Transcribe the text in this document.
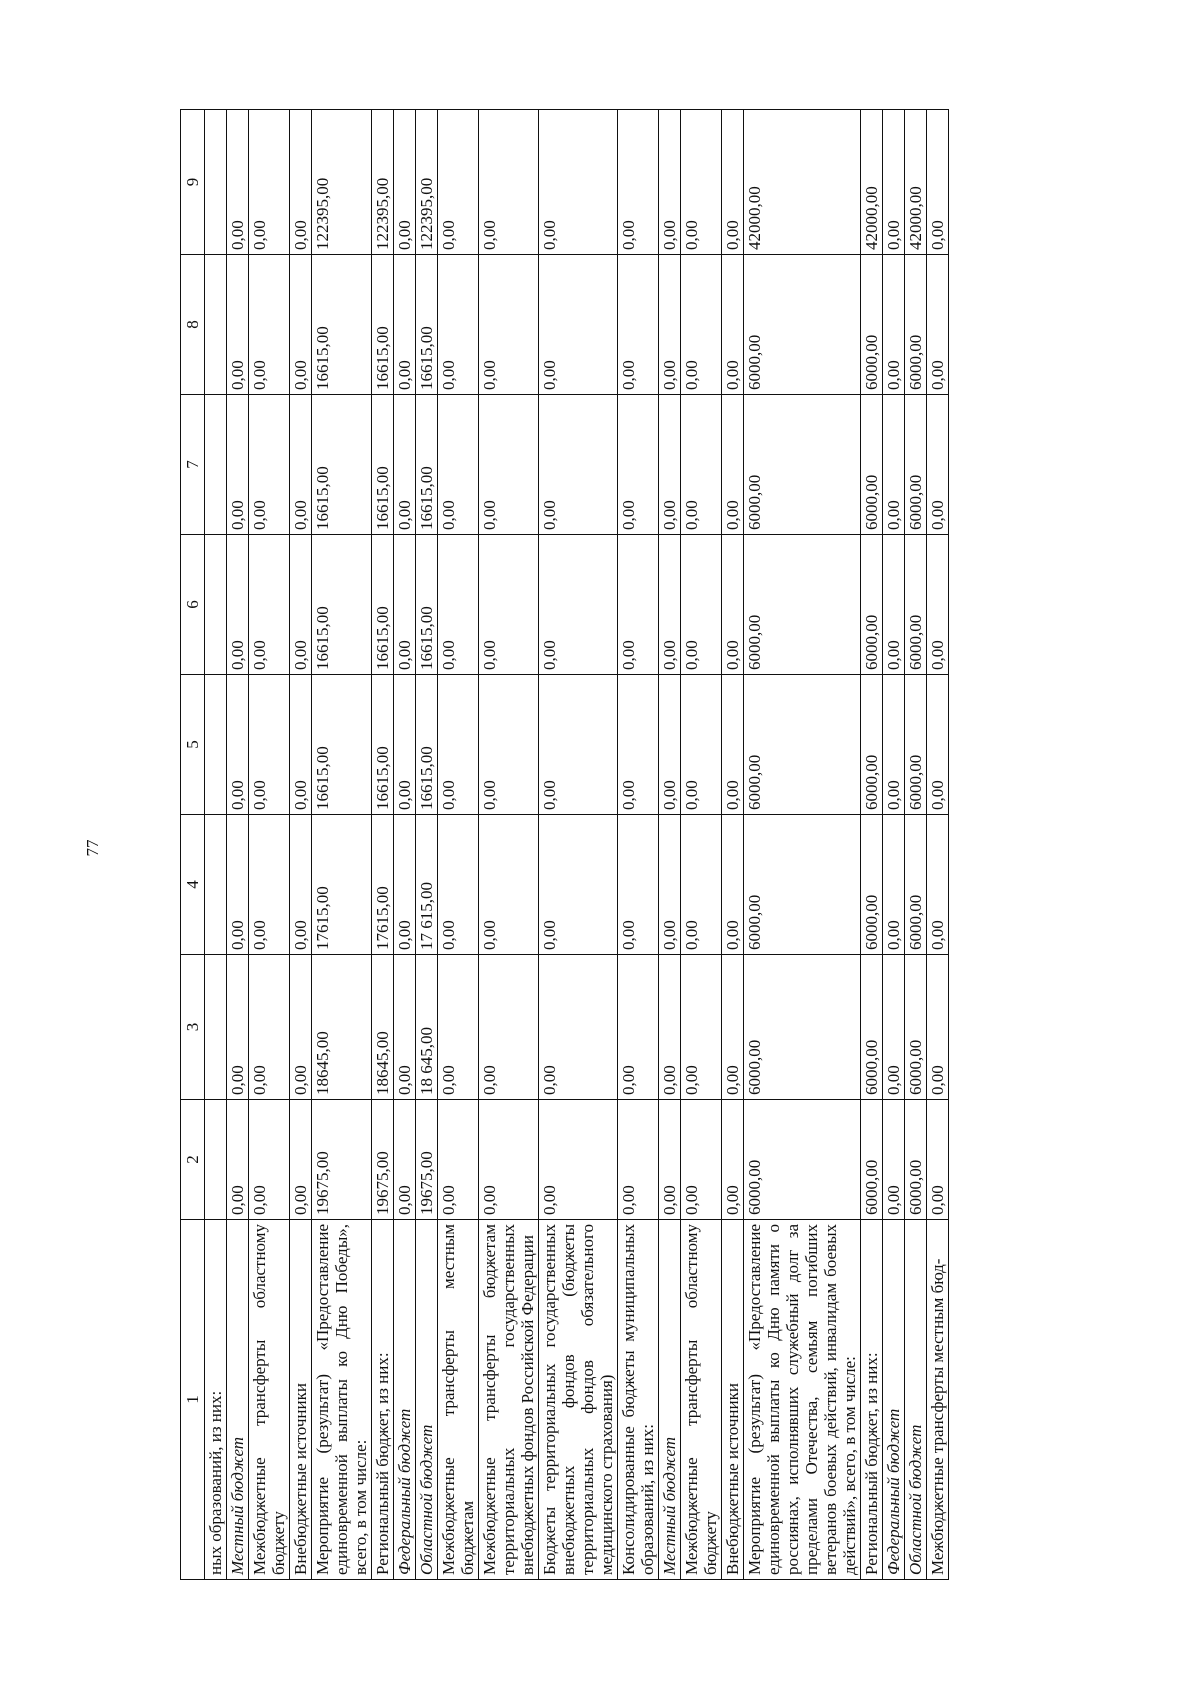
77
1	2	3	4	5	6	7	8	9
ных образований, из них:								
Местный бюджет	0,00	0,00	0,00	0,00	0,00	0,00	0,00	0,00
Межбюджетные трансферты областному бюджету	0,00	0,00	0,00	0,00	0,00	0,00	0,00	0,00
Внебюджетные источники	0,00	0,00	0,00	0,00	0,00	0,00	0,00	0,00
Мероприятие (результат) «Предоставление единовременной выплаты ко Дню Победы», всего, в том числе:	19675,00	18645,00	17615,00	16615,00	16615,00	16615,00	16615,00	122395,00
Региональный бюджет, из них:	19675,00	18645,00	17615,00	16615,00	16615,00	16615,00	16615,00	122395,00
Федеральный бюджет	0,00	0,00	0,00	0,00	0,00	0,00	0,00	0,00
Областной бюджет	19675,00	18 645,00	17 615,00	16615,00	16615,00	16615,00	16615,00	122395,00
Межбюджетные трансферты местным бюджетам	0,00	0,00	0,00	0,00	0,00	0,00	0,00	0,00
Межбюджетные трансферты бюджетам территориальных государственных внебюджетных фондов Российской Федерации	0,00	0,00	0,00	0,00	0,00	0,00	0,00	0,00
Бюджеты территориальных государственных внебюджетных фондов (бюджеты территориальных фондов обязательного медицинского страхования)	0,00	0,00	0,00	0,00	0,00	0,00	0,00	0,00
Консолидированные бюджеты муниципальных образований, из них:	0,00	0,00	0,00	0,00	0,00	0,00	0,00	0,00
Местный бюджет	0,00	0,00	0,00	0,00	0,00	0,00	0,00	0,00
Межбюджетные трансферты областному бюджету	0,00	0,00	0,00	0,00	0,00	0,00	0,00	0,00
Внебюджетные источники	0,00	0,00	0,00	0,00	0,00	0,00	0,00	0,00
Мероприятие (результат) «Предоставление единовременной выплаты ко Дню памяти о россиянах, исполнявших служебный долг за пределами Отечества, семьям погибших ветеранов боевых действий, инвалидам боевых действий», всего, в том числе:	6000,00	6000,00	6000,00	6000,00	6000,00	6000,00	6000,00	42000,00
Региональный бюджет, из них:	6000,00	6000,00	6000,00	6000,00	6000,00	6000,00	6000,00	42000,00
Федеральный бюджет	0,00	0,00	0,00	0,00	0,00	0,00	0,00	0,00
Областной бюджет	6000,00	6000,00	6000,00	6000,00	6000,00	6000,00	6000,00	42000,00
Межбюджетные трансферты местным бюд-	0,00	0,00	0,00	0,00	0,00	0,00	0,00	0,00
